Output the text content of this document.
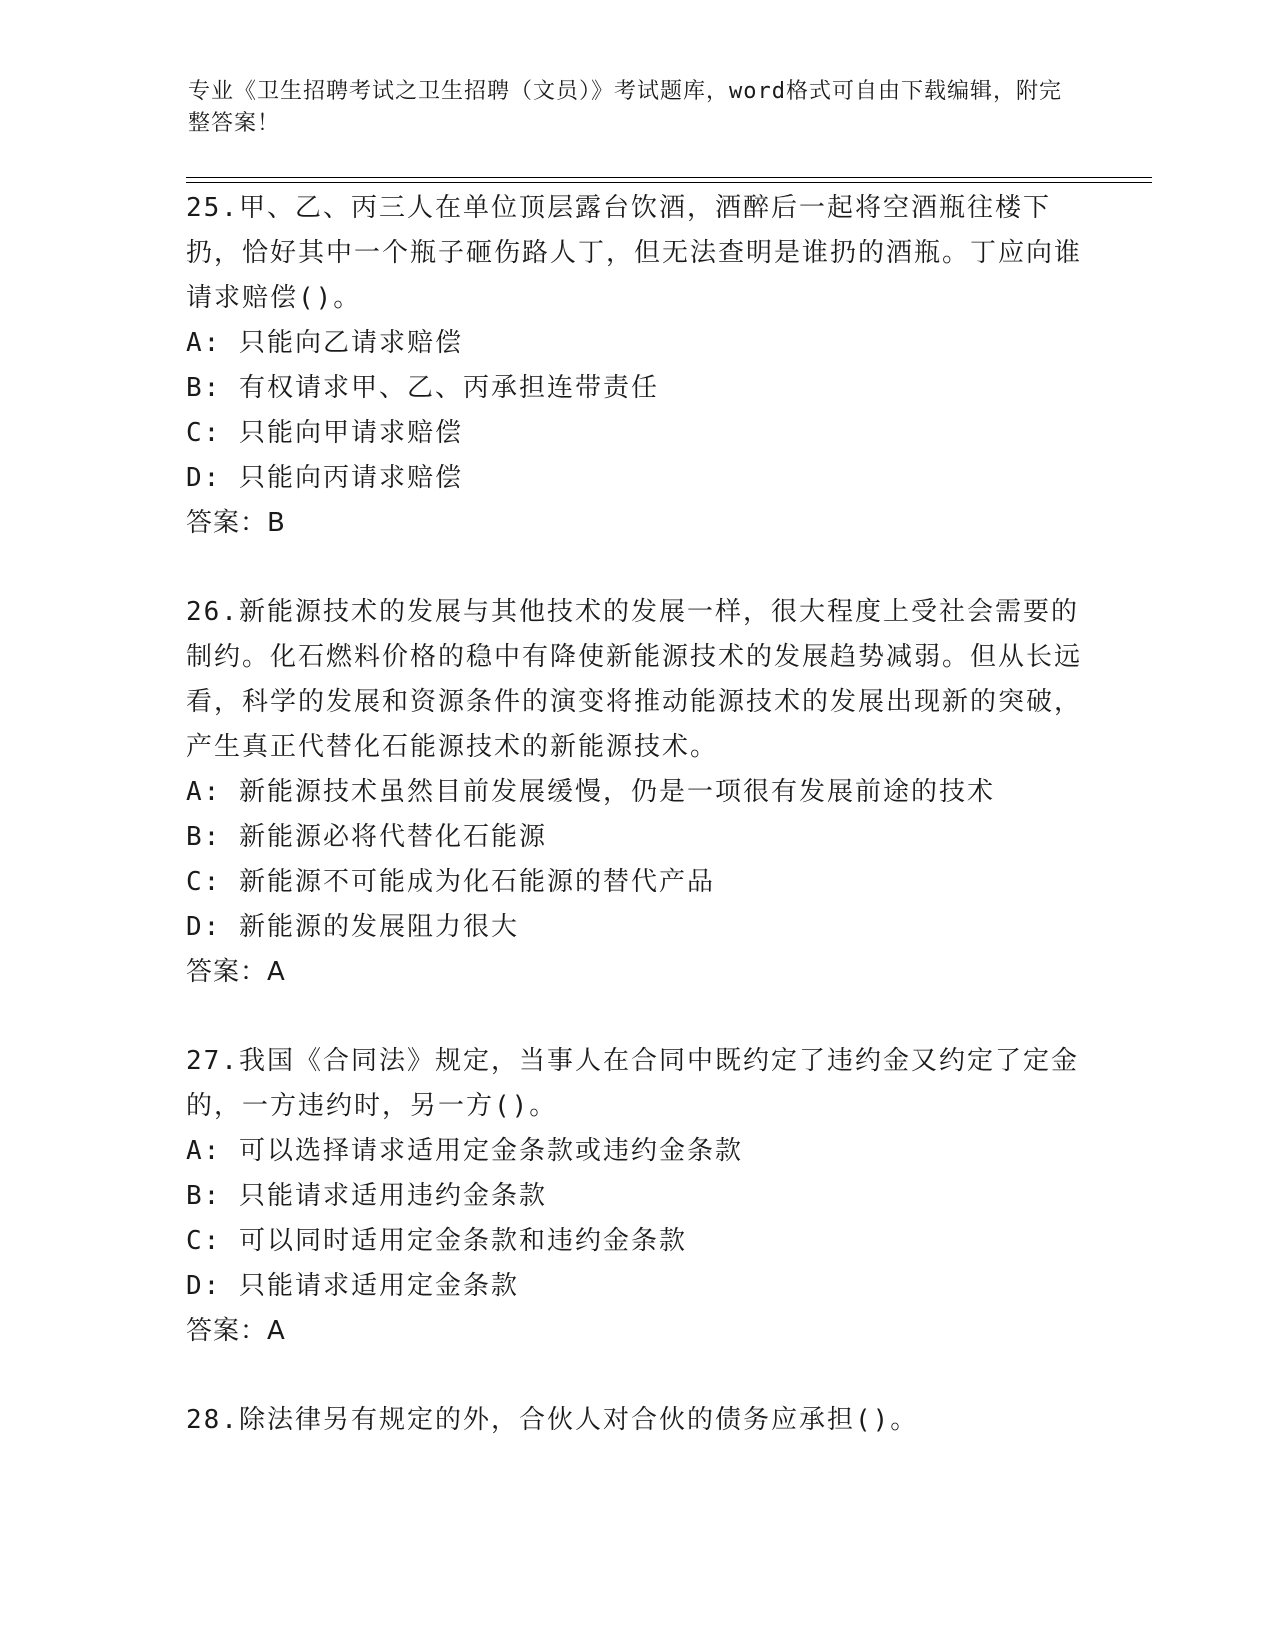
专业《卫生招聘考试之卫生招聘（文员）》考试题库，word格式可自由下载编辑，附完整答案！

25.甲、乙、丙三人在单位顶层露台饮酒，酒醉后一起将空酒瓶往楼下扔，恰好其中一个瓶子砸伤路人丁，但无法查明是谁扔的酒瓶。丁应向谁请求赔偿()。

A: 只能向乙请求赔偿

B: 有权请求甲、乙、丙承担连带责任

C: 只能向甲请求赔偿

D: 只能向丙请求赔偿

答案：B

26.新能源技术的发展与其他技术的发展一样，很大程度上受社会需要的制约。化石燃料价格的稳中有降使新能源技术的发展趋势减弱。但从长远看，科学的发展和资源条件的演变将推动能源技术的发展出现新的突破，产生真正代替化石能源技术的新能源技术。

A: 新能源技术虽然目前发展缓慢，仍是一项很有发展前途的技术

B: 新能源必将代替化石能源

C: 新能源不可能成为化石能源的替代产品

D: 新能源的发展阻力很大

答案：A

27.我国《合同法》规定，当事人在合同中既约定了违约金又约定了定金的，一方违约时，另一方()。

A: 可以选择请求适用定金条款或违约金条款

B: 只能请求适用违约金条款

C: 可以同时适用定金条款和违约金条款

D: 只能请求适用定金条款

答案：A

28.除法律另有规定的外，合伙人对合伙的债务应承担()。
